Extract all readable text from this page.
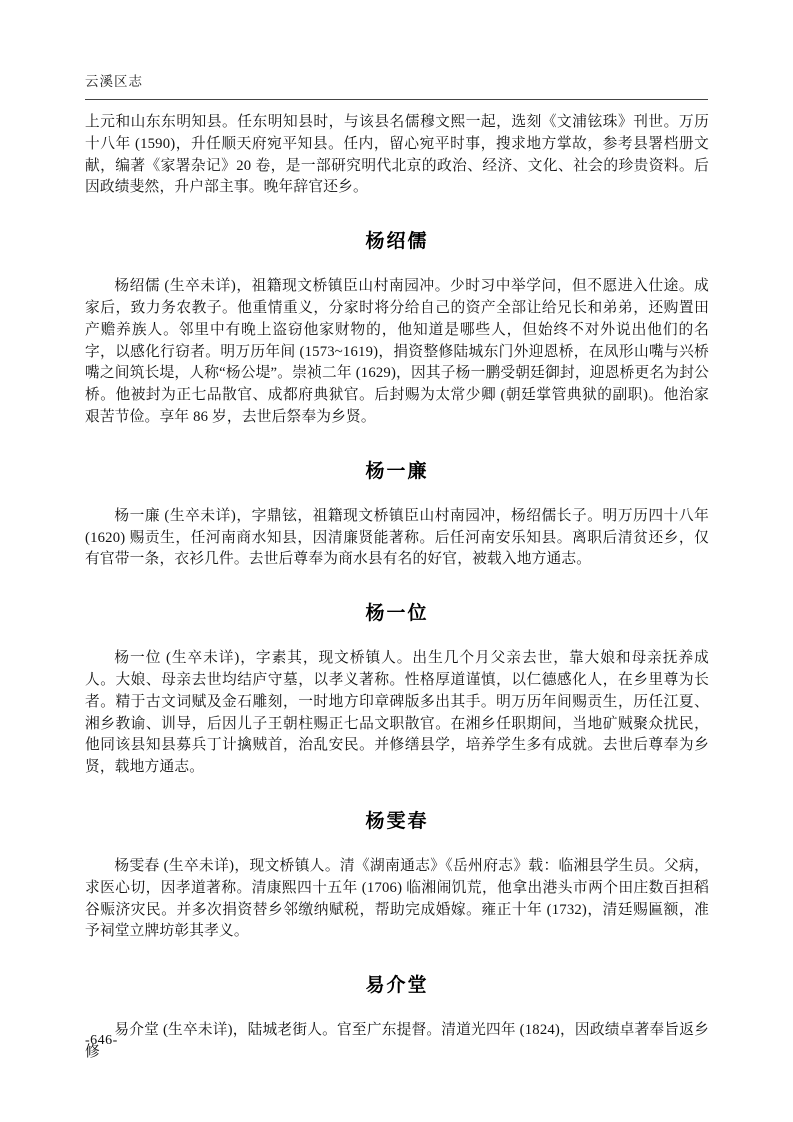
云溪区志

上元和山东东明知县。任东明知县时，与该县名儒穆文熙一起，选刻《文浦铉珠》刊世。万历十八年 (1590)，升任顺天府宛平知县。任内，留心宛平时事，搜求地方掌故，参考县署档册文献，编著《家署杂记》20 卷，是一部研究明代北京的政治、经济、文化、社会的珍贵资料。后因政绩斐然，升户部主事。晚年辞官还乡。

杨绍儒

杨绍儒 (生卒未详)，祖籍现文桥镇臣山村南园冲。少时习中举学问，但不愿进入仕途。成家后，致力务农教子。他重情重义，分家时将分给自己的资产全部让给兄长和弟弟，还购置田产赡养族人。邻里中有晚上盗窃他家财物的，他知道是哪些人，但始终不对外说出他们的名字，以感化行窃者。明万历年间 (1573~1619)，捐资整修陆城东门外迎恩桥，在凤形山嘴与兴桥嘴之间筑长堤，人称“杨公堤”。崇祯二年 (1629)，因其子杨一鹏受朝廷御封，迎恩桥更名为封公桥。他被封为正七品散官、成都府典狱官。后封赐为太常少卿 (朝廷掌管典狱的副职)。他治家艰苦节俭。享年 86 岁，去世后祭奉为乡贤。

杨一廉

杨一廉 (生卒未详)，字鼎铉，祖籍现文桥镇臣山村南园冲，杨绍儒长子。明万历四十八年 (1620) 赐贡生，任河南商水知县，因清廉贤能著称。后任河南安乐知县。离职后清贫还乡，仅有官带一条，衣衫几件。去世后尊奉为商水县有名的好官，被载入地方通志。

杨一位

杨一位 (生卒未详)，字素其，现文桥镇人。出生几个月父亲去世，靠大娘和母亲抚养成人。大娘、母亲去世均结庐守墓，以孝义著称。性格厚道谨慎，以仁德感化人，在乡里尊为长者。精于古文词赋及金石雕刻，一时地方印章碑版多出其手。明万历年间赐贡生，历任江夏、湘乡教谕、训导，后因儿子王朝柱赐正七品文职散官。在湘乡任职期间，当地矿贼聚众扰民，他同该县知县募兵丁计擒贼首，治乱安民。并修缮县学，培养学生多有成就。去世后尊奉为乡贤，载地方通志。

杨雯春

杨雯春 (生卒未详)，现文桥镇人。清《湖南通志》《岳州府志》载：临湘县学生员。父病，求医心切，因孝道著称。清康熙四十五年 (1706) 临湘闹饥荒，他拿出港头市两个田庄数百担稻谷赈济灾民。并多次捐资替乡邻缴纳赋税，帮助完成婚嫁。雍正十年 (1732)，清廷赐匾额，准予祠堂立牌坊彰其孝义。

易介堂

易介堂 (生卒未详)，陆城老街人。官至广东提督。清道光四年 (1824)，因政绩卓著奉旨返乡修

-646-
